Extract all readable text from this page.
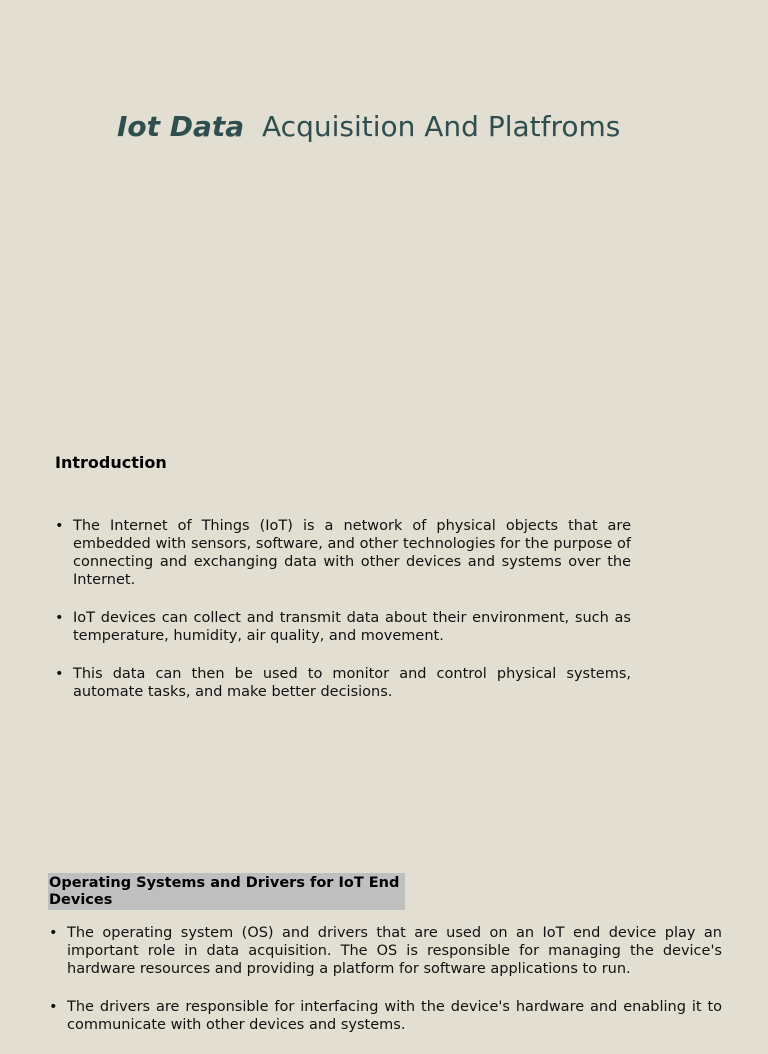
Iot Data Acquisition And Platfroms
Introduction
• The Internet of Things (IoT) is a network of physical objects that are embedded with sensors, software, and other technologies for the purpose of connecting and exchanging data with other devices and systems over the Internet.
• IoT devices can collect and transmit data about their environment, such as temperature, humidity, air quality, and movement.
• This data can then be used to monitor and control physical systems, automate tasks, and make better decisions.
Operating Systems and Drivers for IoT End Devices
• The operating system (OS) and drivers that are used on an IoT end device play an important role in data acquisition. The OS is responsible for managing the device's hardware resources and providing a platform for software applications to run.
• The drivers are responsible for interfacing with the device's hardware and enabling it to communicate with other devices and systems.
